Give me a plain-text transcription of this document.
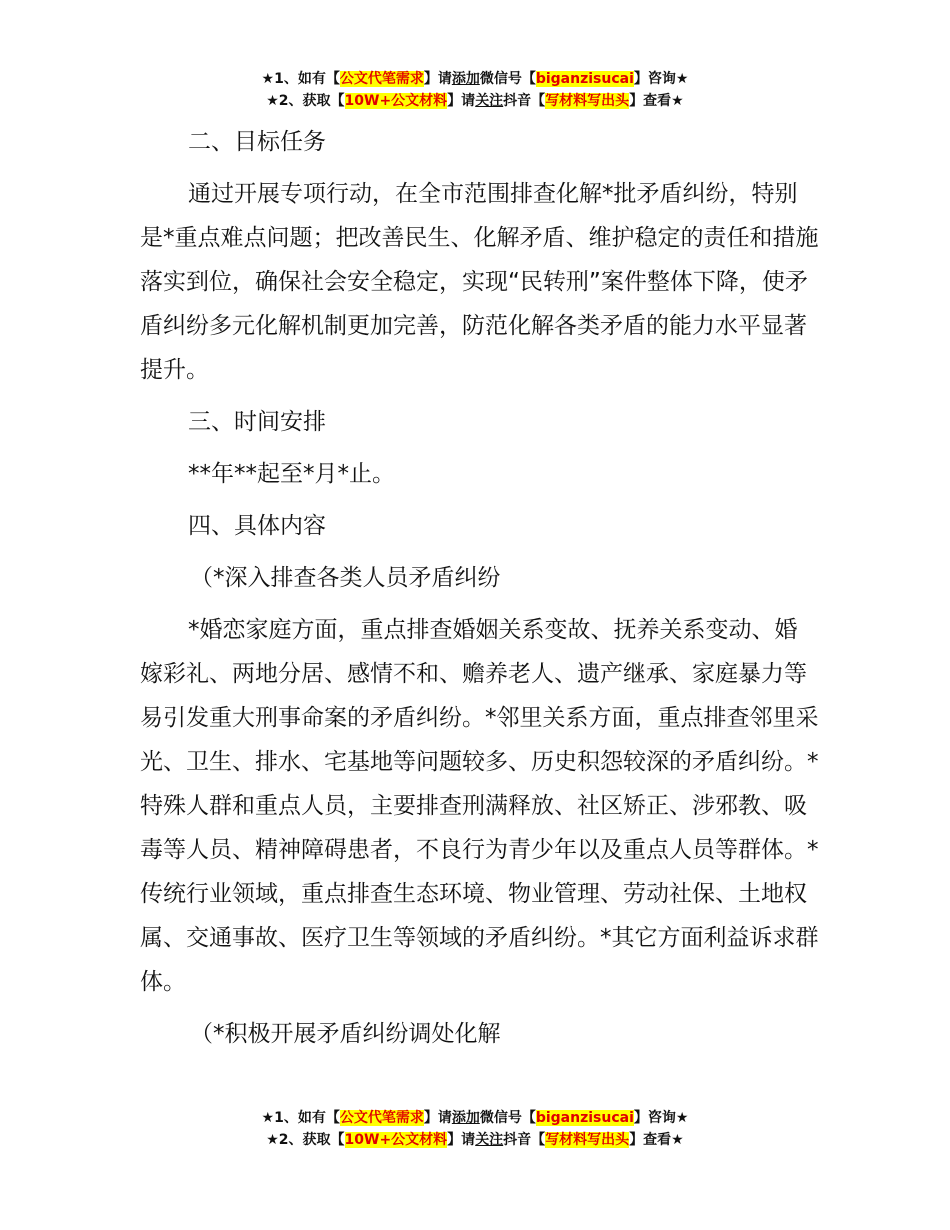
★1、如有【公文代笔需求】请添加微信号【biganzisucai】咨询★
★2、获取【10W+公文材料】请关注抖音【写材料写出头】查看★

二、目标任务

通过开展专项行动，在全市范围排查化解*批矛盾纠纷，特别是*重点难点问题；把改善民生、化解矛盾、维护稳定的责任和措施落实到位，确保社会安全稳定，实现“民转刑”案件整体下降，使矛盾纠纷多元化解机制更加完善，防范化解各类矛盾的能力水平显著提升。

三、时间安排

**年**起至*月*止。

四、具体内容

（*深入排查各类人员矛盾纠纷

*婚恋家庭方面，重点排查婚姻关系变故、抚养关系变动、婚嫁彩礼、两地分居、感情不和、赡养老人、遗产继承、家庭暴力等易引发重大刑事命案的矛盾纠纷。*邻里关系方面，重点排查邻里采光、卫生、排水、宅基地等问题较多、历史积怨较深的矛盾纠纷。*特殊人群和重点人员，主要排查刑满释放、社区矫正、涉邪教、吸毒等人员、精神障碍患者，不良行为青少年以及重点人员等群体。*传统行业领域，重点排查生态环境、物业管理、劳动社保、土地权属、交通事故、医疗卫生等领域的矛盾纠纷。*其它方面利益诉求群体。

（*积极开展矛盾纠纷调处化解

★1、如有【公文代笔需求】请添加微信号【biganzisucai】咨询★
★2、获取【10W+公文材料】请关注抖音【写材料写出头】查看★
